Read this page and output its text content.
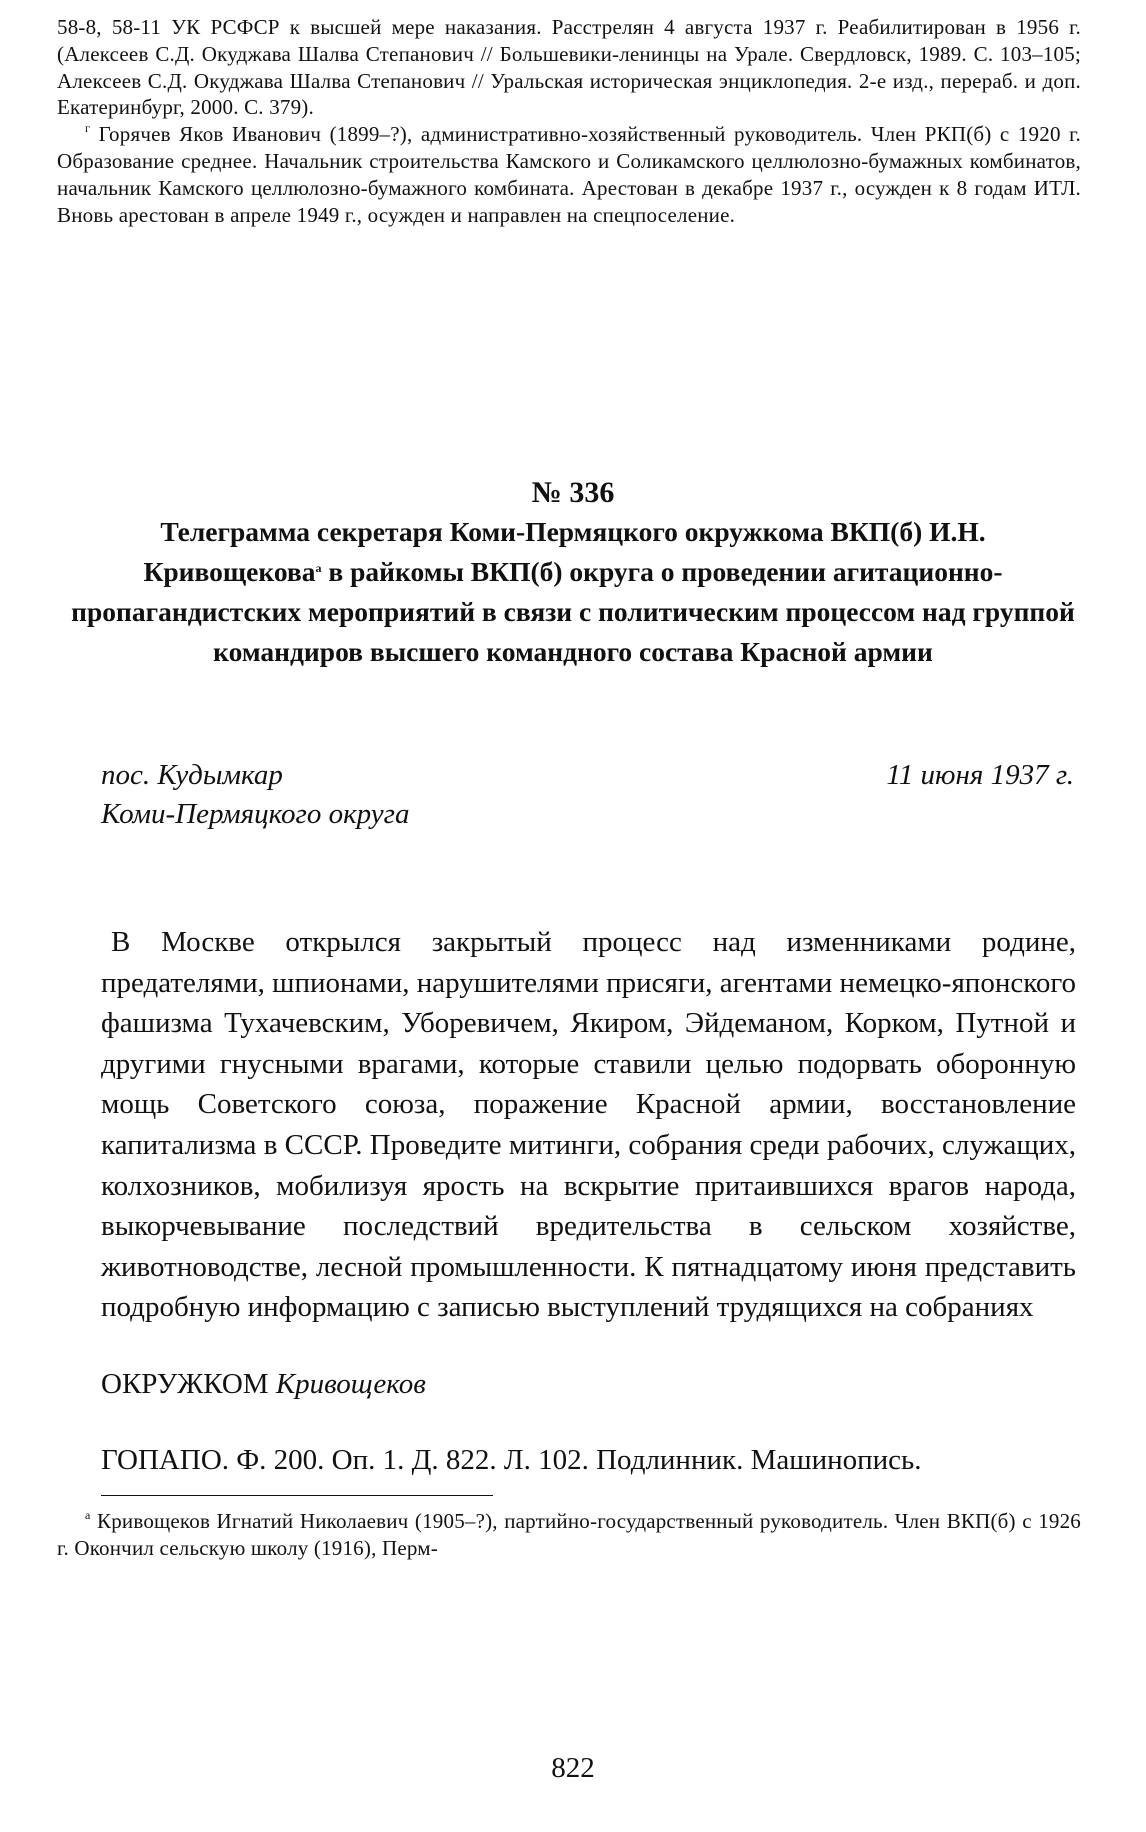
58-8, 58-11 УК РСФСР к высшей мере наказания. Расстрелян 4 августа 1937 г. Реабилитирован в 1956 г. (Алексеев С.Д. Окуджава Шалва Степанович // Большевики-ленинцы на Урале. Свердловск, 1989. С. 103–105; Алексеев С.Д. Окуджава Шалва Степанович // Уральская историческая энциклопедия. 2-е изд., перераб. и доп. Екатеринбург, 2000. С. 379).

$^г$ Горячев Яков Иванович (1899–?), административно-хозяйственный руководитель. Член РКП(б) с 1920 г. Образование среднее. Начальник строительства Камского и Соликамского целлюлозно-бумажных комбинатов, начальник Камского целлюлозно-бумажного комбината. Арестован в декабре 1937 г., осужден к 8 годам ИТЛ. Вновь арестован в апреле 1949 г., осужден и направлен на спецпоселение.

№ 336

Телеграмма секретаря Коми-Пермяцкого окружкома ВКП(б) И.Н. Кривощекова$^а$ в райкомы ВКП(б) округа о проведении агитационно-пропагандистских мероприятий в связи с политическим процессом над группой командиров высшего командного состава Красной армии

пос. Кудымкар
Коми-Пермяцкого округа
11 июня 1937 г.

В Москве открылся закрытый процесс над изменниками родине, предателями, шпионами, нарушителями присяги, агентами немецко-японского фашизма Тухачевским, Уборевичем, Якиром, Эйдеманом, Корком, Путной и другими гнусными врагами, которые ставили целью подорвать оборонную мощь Советского союза, поражение Красной армии, восстановление капитализма в СССР. Проведите митинги, собрания среди рабочих, служащих, колхозников, мобилизуя ярость на вскрытие притаившихся врагов народа, выкорчевывание последствий вредительства в сельском хозяйстве, животноводстве, лесной промышленности. К пятнадцатому июня представить подробную информацию с записью выступлений трудящихся на собраниях

ОКРУЖКОМ Кривощеков
ГОПАПО. Ф. 200. Оп. 1. Д. 822. Л. 102. Подлинник. Машинопись.

$^а$ Кривощеков Игнатий Николаевич (1905–?), партийно-государственный руководитель. Член ВКП(б) с 1926 г. Окончил сельскую школу (1916), Перм-

822
